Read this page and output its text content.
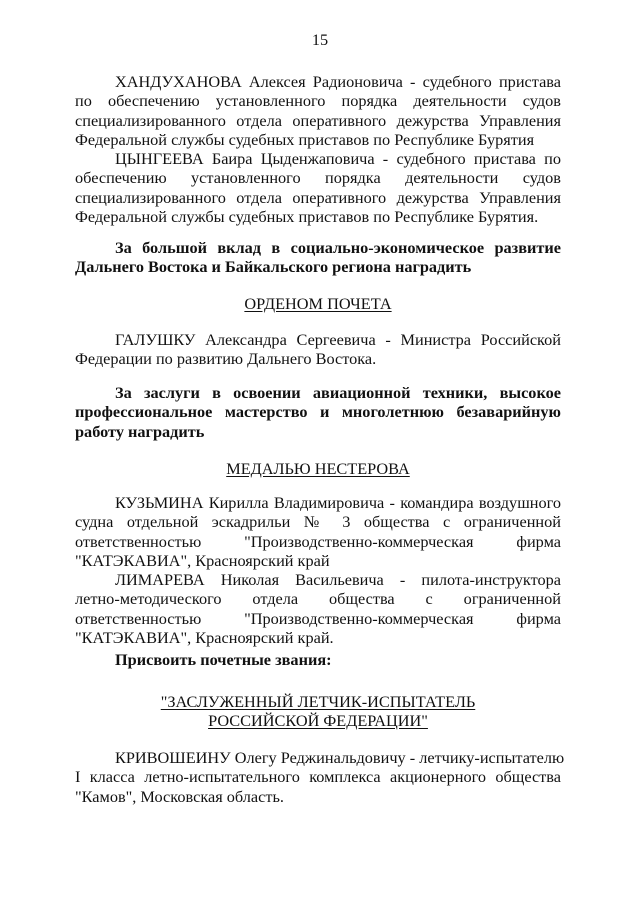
15
ХАНДУХАНОВА Алексея Радионовича - судебного пристава
по обеспечению установленного порядка деятельности судов
специализированного отдела оперативного дежурства Управления
Федеральной службы судебных приставов по Республике Бурятия
ЦЫНГЕЕВА Баира Цыденжаповича - судебного пристава по
обеспечению установленного порядка деятельности судов
специализированного отдела оперативного дежурства Управления
Федеральной службы судебных приставов по Республике Бурятия.
За большой вклад в социально-экономическое развитие
Дальнего Востока и Байкальского региона наградить
ОРДЕНОМ ПОЧЕТА
ГАЛУШКУ Александра Сергеевича - Министра Российской
Федерации по развитию Дальнего Востока.
За заслуги в освоении авиационной техники, высокое
профессиональное мастерство и многолетнюю безаварийную
работу наградить
МЕДАЛЬЮ НЕСТЕРОВА
КУЗЬМИНА Кирилла Владимировича - командира воздушного
судна отдельной эскадрильи № 3 общества с ограниченной
ответственностью "Производственно-коммерческая фирма
"КАТЭКАВИА", Красноярский край
ЛИМАРЕВА Николая Васильевича - пилота-инструктора
летно-методического отдела общества с ограниченной
ответственностью "Производственно-коммерческая фирма
"КАТЭКАВИА", Красноярский край.
Присвоить почетные звания:
"ЗАСЛУЖЕННЫЙ ЛЕТЧИК-ИСПЫТАТЕЛЬ
РОССИЙСКОЙ ФЕДЕРАЦИИ"
КРИВОШЕИНУ Олегу Реджинальдовичу - летчику-испытателю
I класса летно-испытательного комплекса акционерного общества
"Камов", Московская область.
